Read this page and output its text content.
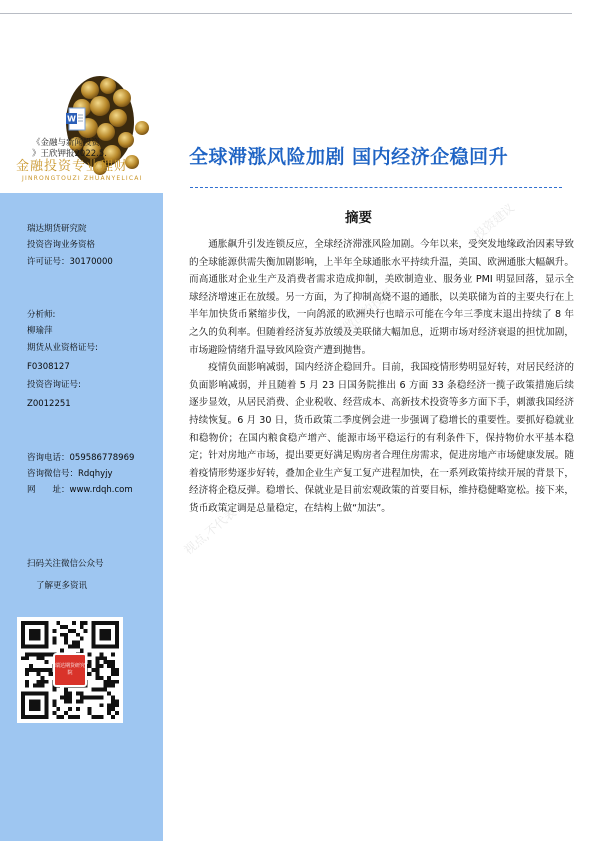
W
《金融与新闻投资
》王欣钾报2022.5.
金融投资专业理财
JINRONGTOUZI ZHUANYELICAI
瑞达期货研究院
投资咨询业务资格
许可证号：30170000
分析师:
柳瑜萍
期货从业资格证号:
F0308127
投资咨询证号:
Z0012251
咨询电话：059586778969
咨询微信号：Rdqhyjy
网　　址：www.rdqh.com
扫码关注微信公众号
了解更多资讯
瑞达期货研究院
全球滞涨风险加剧 国内经济企稳回升
摘要

通胀飙升引发连锁反应，全球经济滞涨风险加剧。今年以来，受突发地缘政治因素导致的全球能源供需失衡加剧影响，上半年全球通胀水平持续升温，美国、欧洲通胀大幅飙升。而高通胀对企业生产及消费者需求造成抑制，美欧制造业、服务业 PMI 明显回落，显示全球经济增速正在放缓。另一方面，为了抑制高烧不退的通胀，以美联储为首的主要央行在上半年加快货币紧缩步伐，一向鸽派的欧洲央行也暗示可能在今年三季度末退出持续了 8 年之久的负利率。但随着经济复苏放缓及美联储大幅加息，近期市场对经济衰退的担忧加剧，市场避险情绪升温导致风险资产遭到抛售。

疫情负面影响减弱，国内经济企稳回升。目前，我国疫情形势明显好转，对居民经济的负面影响减弱，并且随着 5 月 23 日国务院推出 6 方面 33 条稳经济一揽子政策措施后续逐步显效，从居民消费、企业税收、经营成本、高新技术投资等多方面下手，刺激我国经济持续恢复。6 月 30 日，货币政策二季度例会进一步强调了稳增长的重要性。要抓好稳就业和稳物价；在国内粮食稳产增产、能源市场平稳运行的有利条件下，保持物价水平基本稳定；针对房地产市场，提出要更好满足购房者合理住房需求，促进房地产市场健康发展。随着疫情形势逐步好转，叠加企业生产复工复产进程加快，在一系列政策持续开展的背景下，经济将企稳反弹。稳增长、保就业是目前宏观政策的首要目标，维持稳健略宽松。接下来，货币政策定调是总量稳定，在结构上做“加法”。

投资建议
视点,不代表
所做出的投资
